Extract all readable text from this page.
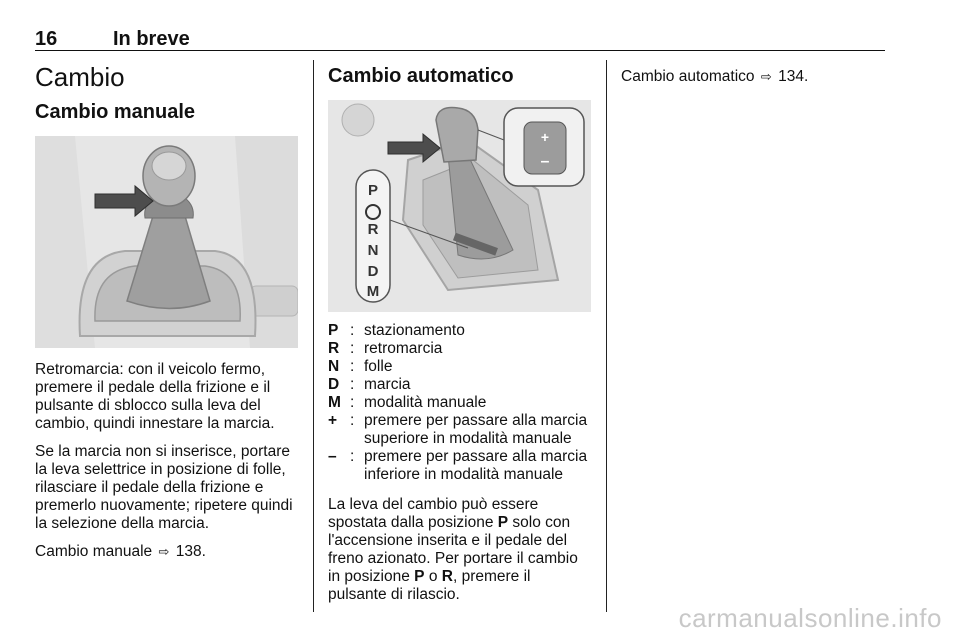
16	In breve
Cambio
Cambio manuale

Retromarcia: con il veicolo fermo, premere il pedale della frizione e il pulsante di sblocco sulla leva del cambio, quindi innestare la marcia.

Se la marcia non si inserisce, portare la leva selettrice in posizione di folle, rilasciare il pedale della frizione e premerlo nuovamente; ripetere quindi la selezione della marcia.

Cambio manuale ⇨ 138.

Cambio automatico
+
–
P
R
N
D
M
P : stazionamento
R : retromarcia
N : folle
D : marcia
M : modalità manuale
+ : premere per passare alla marcia superiore in modalità manuale
– : premere per passare alla marcia inferiore in modalità manuale

La leva del cambio può essere spostata dalla posizione P solo con l'accensione inserita e il pedale del freno azionato. Per portare il cambio in posizione P o R, premere il pulsante di rilascio.

Cambio automatico ⇨ 134.

carmanualsonline.info
